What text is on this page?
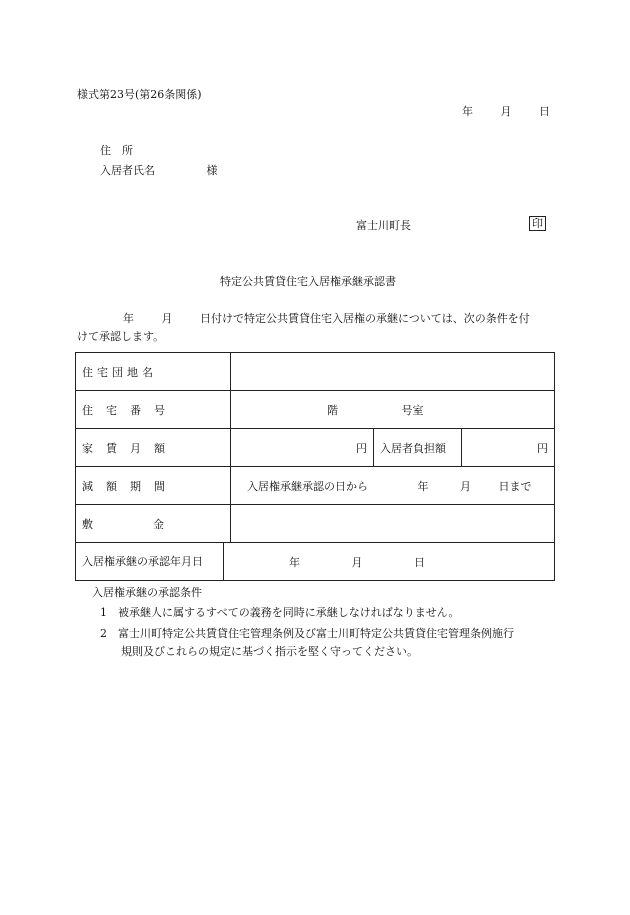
様式第23号(第26条関係)
年	月	日
住　所
入居者氏名	様
富士川町長	印
特定公共賃貸住宅入居権承継承認書
年	月	日付けで特定公共賃貸住宅入居権の承継については、次の条件を付
けて承認します。
住宅団地名			
住宅番号	階 号室		
家賃月額	円	入居者負担額	円
減額期間	入居権承継承認の日から 年 月 日まで		

敷金			

入居権承継の承認年月日 年 月 日			
入居権承継の承認条件
1　被承継人に属するすべての義務を同時に承継しなければなりません。
2　富士川町特定公共賃貸住宅管理条例及び富士川町特定公共賃貸住宅管理条例施行
規則及びこれらの規定に基づく指示を堅く守ってください。
